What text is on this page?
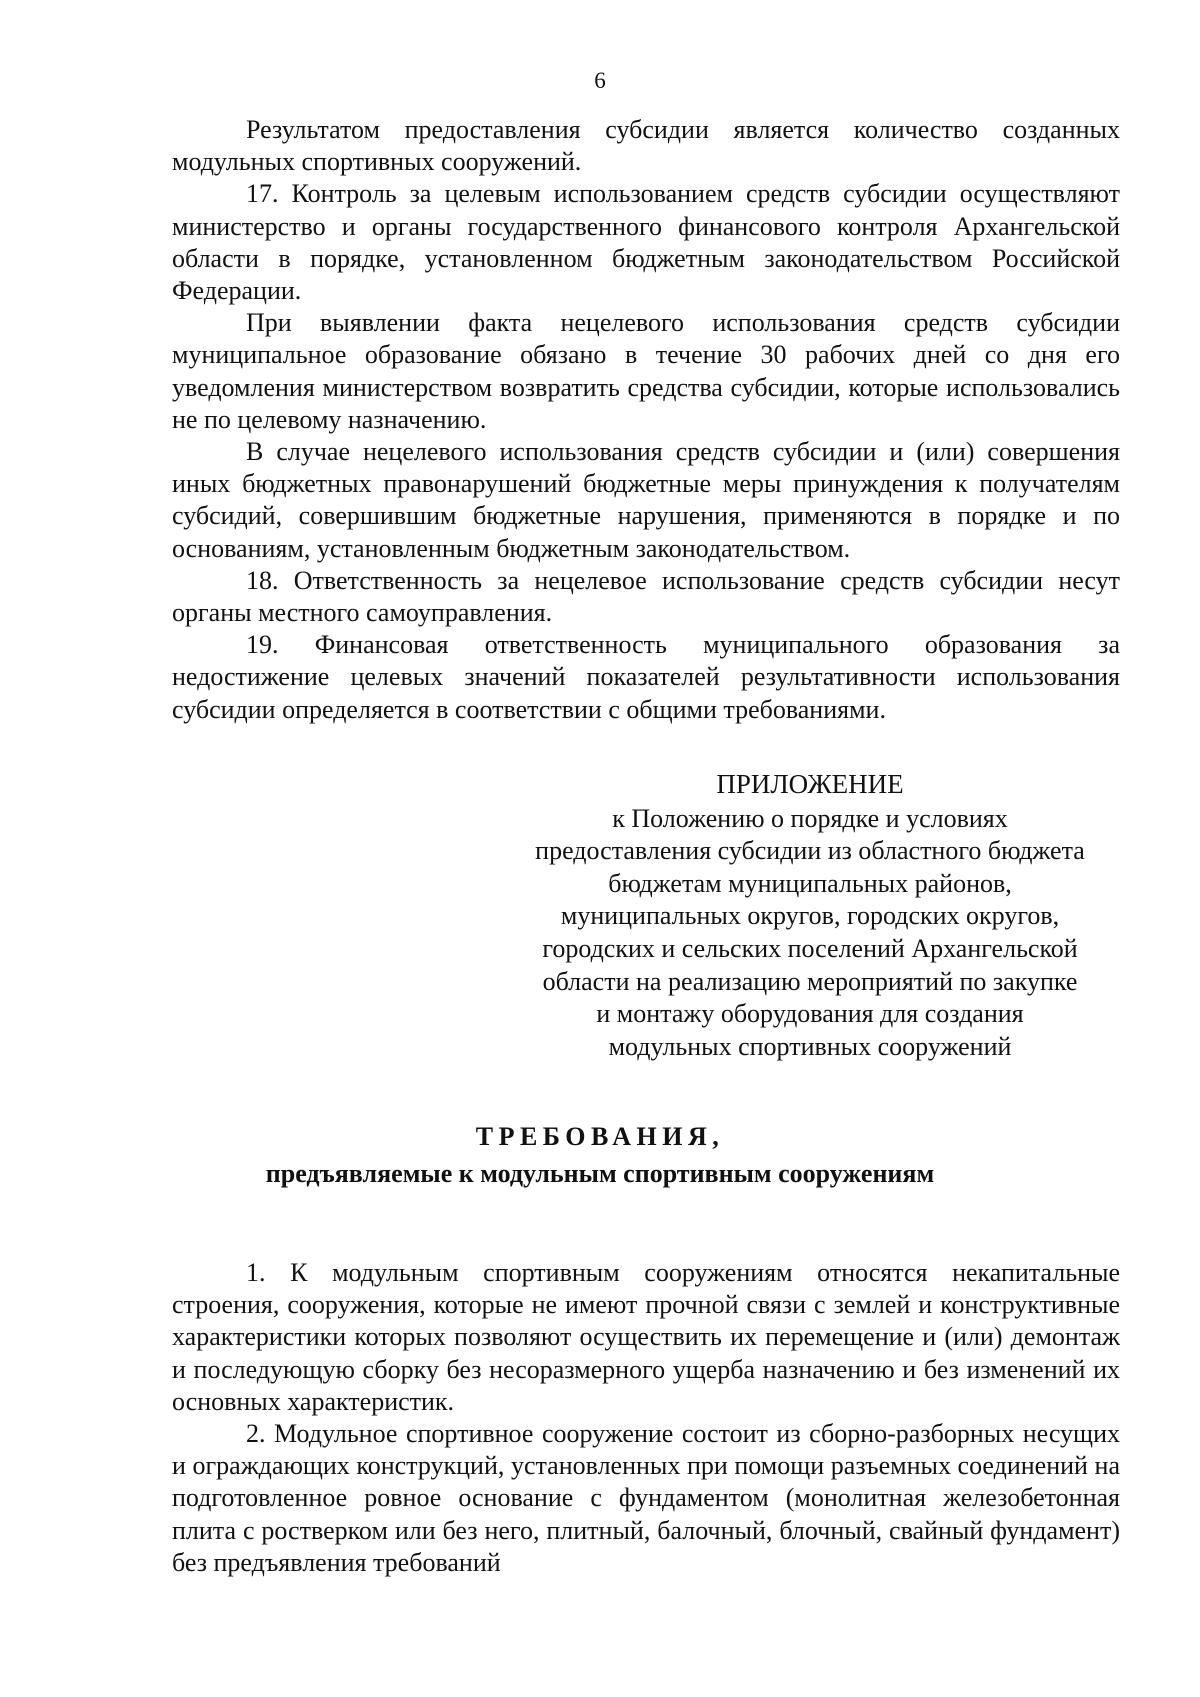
6

Результатом предоставления субсидии является количество созданных модульных спортивных сооружений.

17. Контроль за целевым использованием средств субсидии осуществляют министерство и органы государственного финансового контроля Архангельской области в порядке, установленном бюджетным законодательством Российской Федерации.

При выявлении факта нецелевого использования средств субсидии муниципальное образование обязано в течение 30 рабочих дней со дня его уведомления министерством возвратить средства субсидии, которые использовались не по целевому назначению.

В случае нецелевого использования средств субсидии и (или) совершения иных бюджетных правонарушений бюджетные меры принуждения к получателям субсидий, совершившим бюджетные нарушения, применяются в порядке и по основаниям, установленным бюджетным законодательством.

18. Ответственность за нецелевое использование средств субсидии несут органы местного самоуправления.

19. Финансовая ответственность муниципального образования за недостижение целевых значений показателей результативности использования субсидии определяется в соответствии с общими требованиями.

ПРИЛОЖЕНИЕ
к Положению о порядке и условиях
предоставления субсидии из областного бюджета
бюджетам муниципальных районов,
муниципальных округов, городских округов,
городских и сельских поселений Архангельской
области на реализацию мероприятий по закупке
и монтажу оборудования для создания
модульных спортивных сооружений
ТРЕБОВАНИЯ,
предъявляемые к модульным спортивным сооружениям

1. К модульным спортивным сооружениям относятся некапитальные строения, сооружения, которые не имеют прочной связи с землей и конструктивные характеристики которых позволяют осуществить их перемещение и (или) демонтаж и последующую сборку без несоразмерного ущерба назначению и без изменений их основных характеристик.

2. Модульное спортивное сооружение состоит из сборно-разборных несущих и ограждающих конструкций, установленных при помощи разъемных соединений на подготовленное ровное основание с фундаментом (монолитная железобетонная плита с ростверком или без него, плитный, балочный, блочный, свайный фундамент) без предъявления требований
